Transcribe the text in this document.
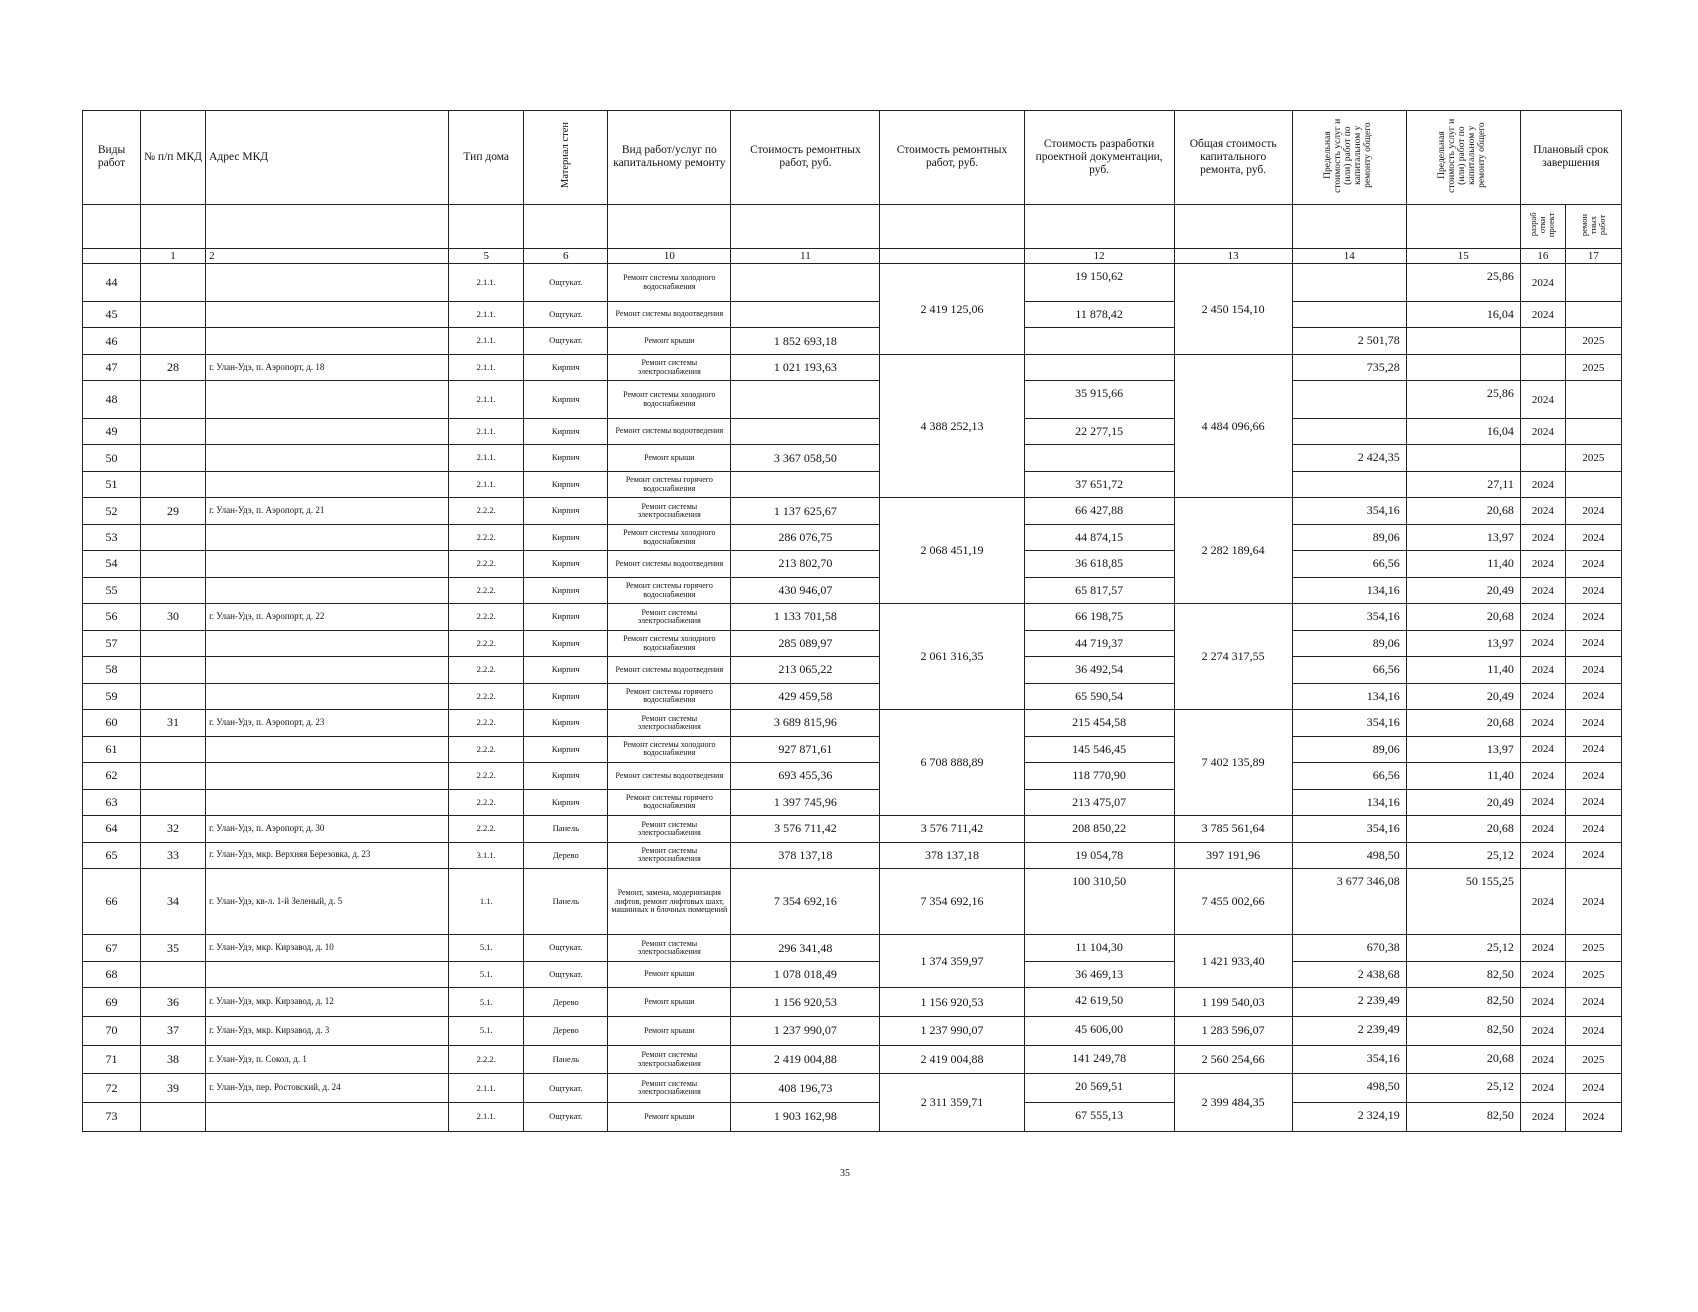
Виды работ	№ п/п МКД	Адрес МКД	Тип дома	Материал стен	Вид работ/услуг по капитальному ремонту	Стоимость ремонтных работ, руб.	Стоимость ремонтных работ, руб.	Стоимость разработки проектной документации, руб.	Общая стоимость капитального ремонта, руб.	Предельная стоимость услуг и (или) работ по капитальном у ремонту общего	Предельная стоимость услуг и (или) работ по капитальном у ремонту общего	Плановый срок завершения	
												разраб отки проект	ремон тных работ
	1	2	5	6	10	11		12	13	14	15	16	17
44			2.1.1.	Ощтукат.	Ремонт системы холодного водоснабжения		2 419 125,06	19 150,62	2 450 154,10		25,86	2024	
45			2.1.1.	Ощтукат.	Ремонт системы водоотведения			11 878,42			16,04	2024	
46			2.1.1.	Ощтукат.	Ремонт крыши	1 852 693,18				2 501,78			2025
47	28	г. Улан-Удэ, п. Аэропорт, д. 18	2.1.1.	Кирпич	Ремонт системы электроснабжения	1 021 193,63	4 388 252,13		4 484 096,66	735,28			2025
48			2.1.1.	Кирпич	Ремонт системы холодного водоснабжения			35 915,66			25,86	2024	
49			2.1.1.	Кирпич	Ремонт системы водоотведения			22 277,15			16,04	2024	
50			2.1.1.	Кирпич	Ремонт крыши	3 367 058,50				2 424,35			2025
51			2.1.1.	Кирпич	Ремонт системы горячего водоснабжения			37 651,72			27,11	2024	
52	29	г. Улан-Удэ, п. Аэропорт, д. 21	2.2.2.	Кирпич	Ремонт системы электроснабжения	1 137 625,67	2 068 451,19	66 427,88	2 282 189,64	354,16	20,68	2024	2024
53			2.2.2.	Кирпич	Ремонт системы холодного водоснабжения	286 076,75		44 874,15		89,06	13,97	2024	2024
54			2.2.2.	Кирпич	Ремонт системы водоотведения	213 802,70		36 618,85		66,56	11,40	2024	2024
55			2.2.2.	Кирпич	Ремонт системы горячего водоснабжения	430 946,07		65 817,57		134,16	20,49	2024	2024
56	30	г. Улан-Удэ, п. Аэропорт, д. 22	2.2.2.	Кирпич	Ремонт системы электроснабжения	1 133 701,58	2 061 316,35	66 198,75	2 274 317,55	354,16	20,68	2024	2024
57			2.2.2.	Кирпич	Ремонт системы холодного водоснабжения	285 089,97		44 719,37		89,06	13,97	2024	2024
58			2.2.2.	Кирпич	Ремонт системы водоотведения	213 065,22		36 492,54		66,56	11,40	2024	2024
59			2.2.2.	Кирпич	Ремонт системы горячего водоснабжения	429 459,58		65 590,54		134,16	20,49	2024	2024
60	31	г. Улан-Удэ, п. Аэропорт, д. 23	2.2.2.	Кирпич	Ремонт системы электроснабжения	3 689 815,96	6 708 888,89	215 454,58	7 402 135,89	354,16	20,68	2024	2024
61			2.2.2.	Кирпич	Ремонт системы холодного водоснабжения	927 871,61		145 546,45		89,06	13,97	2024	2024
62			2.2.2.	Кирпич	Ремонт системы водоотведения	693 455,36		118 770,90		66,56	11,40	2024	2024
63			2.2.2.	Кирпич	Ремонт системы горячего водоснабжения	1 397 745,96		213 475,07		134,16	20,49	2024	2024
64	32	г. Улан-Удэ, п. Аэропорт, д. 30	2.2.2.	Панель	Ремонт системы электроснабжения	3 576 711,42	3 576 711,42	208 850,22	3 785 561,64	354,16	20,68	2024	2024
65	33	г. Улан-Удэ, мкр. Верхняя Березовка, д. 23	3.1.1.	Дерево	Ремонт системы электроснабжения	378 137,18	378 137,18	19 054,78	397 191,96	498,50	25,12	2024	2024
66	34	г. Улан-Удэ, кв-л. 1-й Зеленый, д. 5	1.1.	Панель	Ремонт, замена, модернизация лифтов, ремонт лифтовых шахт, машинных и блочных помещений	7 354 692,16	7 354 692,16	100 310,50	7 455 002,66	3 677 346,08	50 155,25	2024	2024
67	35	г. Улан-Удэ, мкр. Кирзавод, д. 10	5.1.	Ощтукат.	Ремонт системы электроснабжения	296 341,48	1 374 359,97	11 104,30	1 421 933,40	670,38	25,12	2024	2025
68			5.1.	Ощтукат.	Ремонт крыши	1 078 018,49		36 469,13		2 438,68	82,50	2024	2025
69	36	г. Улан-Удэ, мкр. Кирзавод, д. 12	5.1.	Дерево	Ремонт крыши	1 156 920,53	1 156 920,53	42 619,50	1 199 540,03	2 239,49	82,50	2024	2024
70	37	г. Улан-Удэ, мкр. Кирзавод, д. 3	5.1.	Дерево	Ремонт крыши	1 237 990,07	1 237 990,07	45 606,00	1 283 596,07	2 239,49	82,50	2024	2024
71	38	г. Улан-Удэ, п. Сокол, д. 1	2.2.2.	Панель	Ремонт системы электроснабжения	2 419 004,88	2 419 004,88	141 249,78	2 560 254,66	354,16	20,68	2024	2025
72	39	г. Улан-Удэ, пер. Ростовский, д. 24	2.1.1.	Ощтукат.	Ремонт системы электроснабжения	408 196,73	2 311 359,71	20 569,51	2 399 484,35	498,50	25,12	2024	2024
73			2.1.1.	Ощтукат.	Ремонт крыши	1 903 162,98		67 555,13		2 324,19	82,50	2024	2024
35
